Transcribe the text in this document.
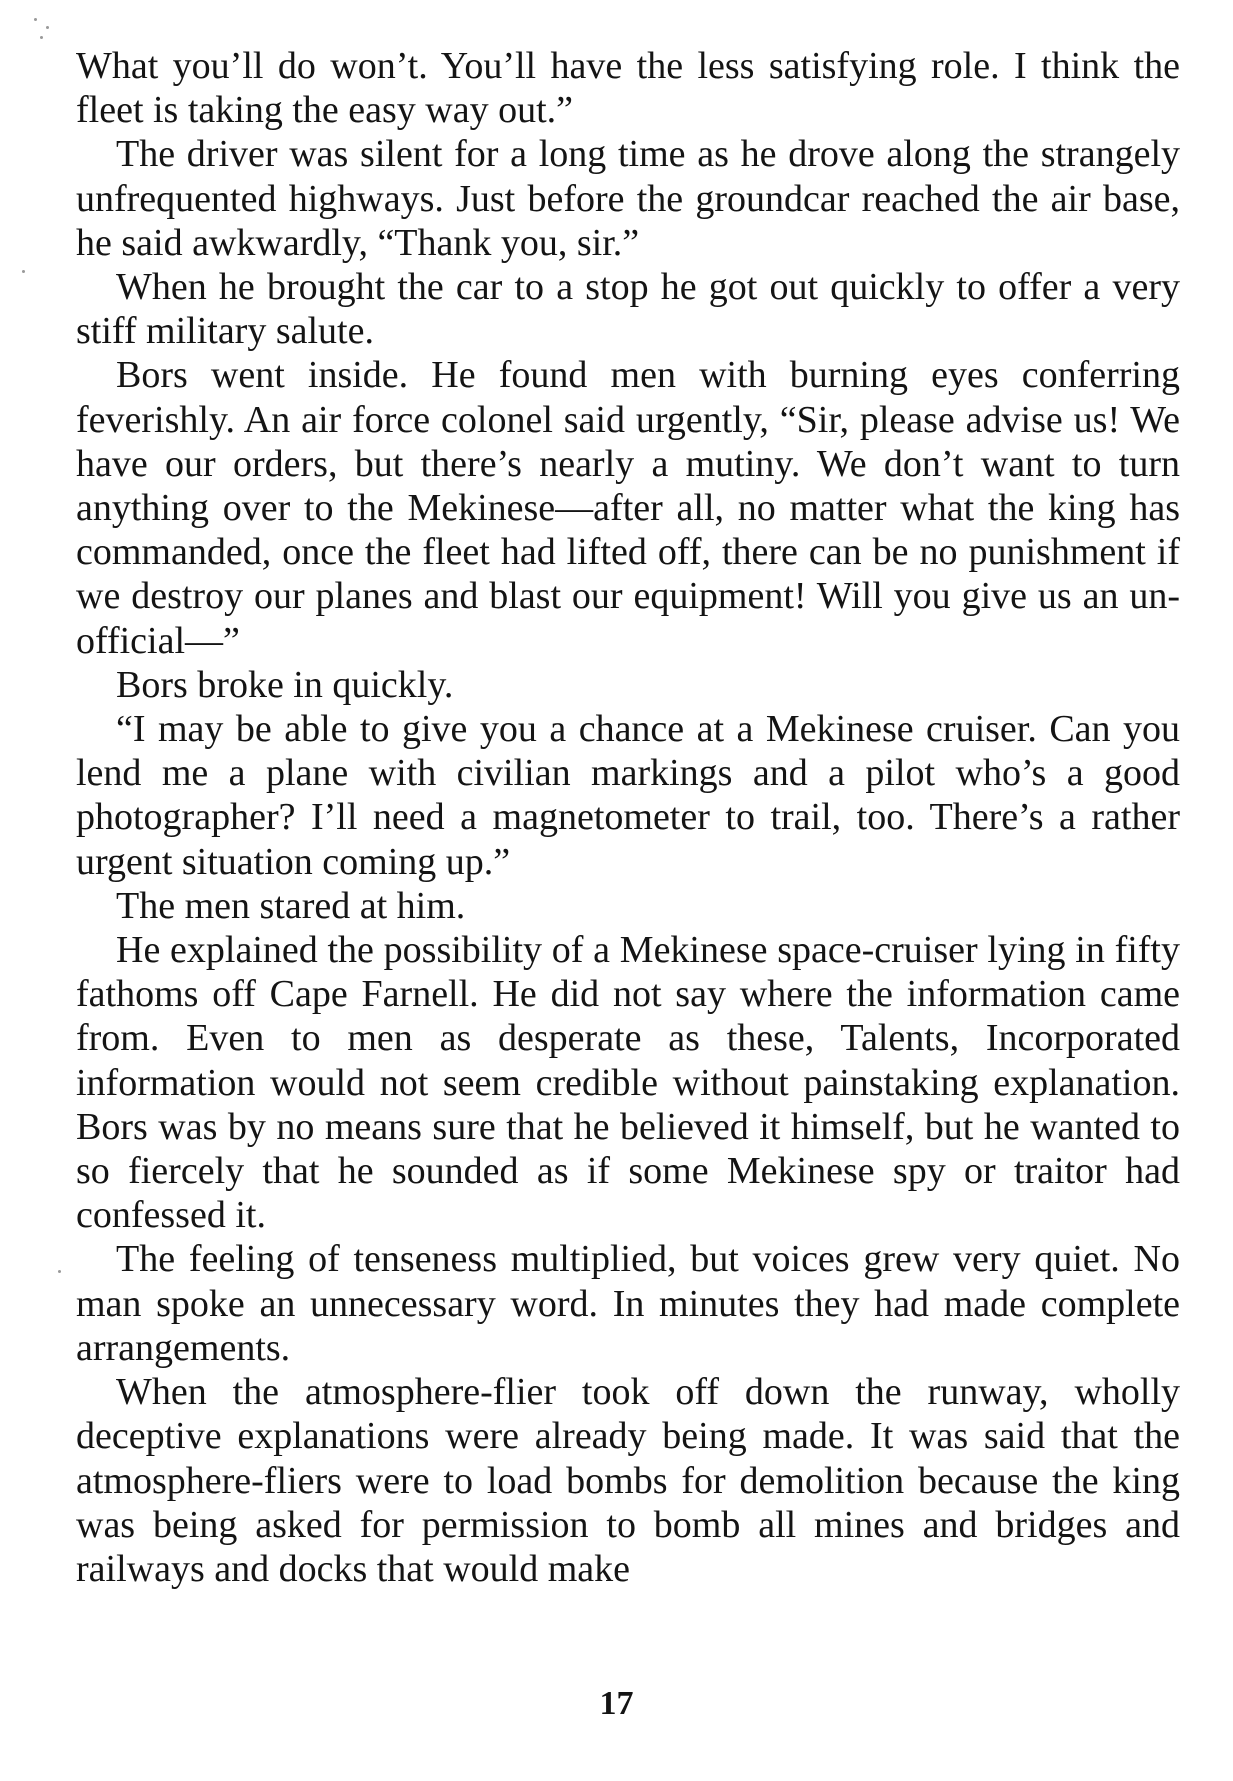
What you’ll do won’t. You’ll have the less satisfying role. I think the fleet is taking the easy way out.”

The driver was silent for a long time as he drove along the strangely unfrequented highways. Just before the groundcar reached the air base, he said awkwardly, “Thank you, sir.”

When he brought the car to a stop he got out quickly to offer a very stiff military salute.

Bors went inside. He found men with burning eyes conferring feverishly. An air force colonel said urgently, “Sir, please advise us! We have our orders, but there’s nearly a mutiny. We don’t want to turn anything over to the Mekinese—after all, no matter what the king has commanded, once the fleet had lifted off, there can be no punishment if we destroy our planes and blast our equipment! Will you give us an unofficial—”

Bors broke in quickly.

“I may be able to give you a chance at a Mekinese cruiser. Can you lend me a plane with civilian markings and a pilot who’s a good photographer? I’ll need a magnetometer to trail, too. There’s a rather urgent situation coming up.”

The men stared at him.

He explained the possibility of a Mekinese space-cruiser lying in fifty fathoms off Cape Farnell. He did not say where the information came from. Even to men as desperate as these, Talents, Incorporated information would not seem credible without painstaking explanation. Bors was by no means sure that he believed it himself, but he wanted to so fiercely that he sounded as if some Mekinese spy or traitor had confessed it.

The feeling of tenseness multiplied, but voices grew very quiet. No man spoke an unnecessary word. In minutes they had made complete arrangements.

When the atmosphere-flier took off down the runway, wholly deceptive explanations were already being made. It was said that the atmosphere-fliers were to load bombs for demolition because the king was being asked for permission to bomb all mines and bridges and railways and docks that would make

17
